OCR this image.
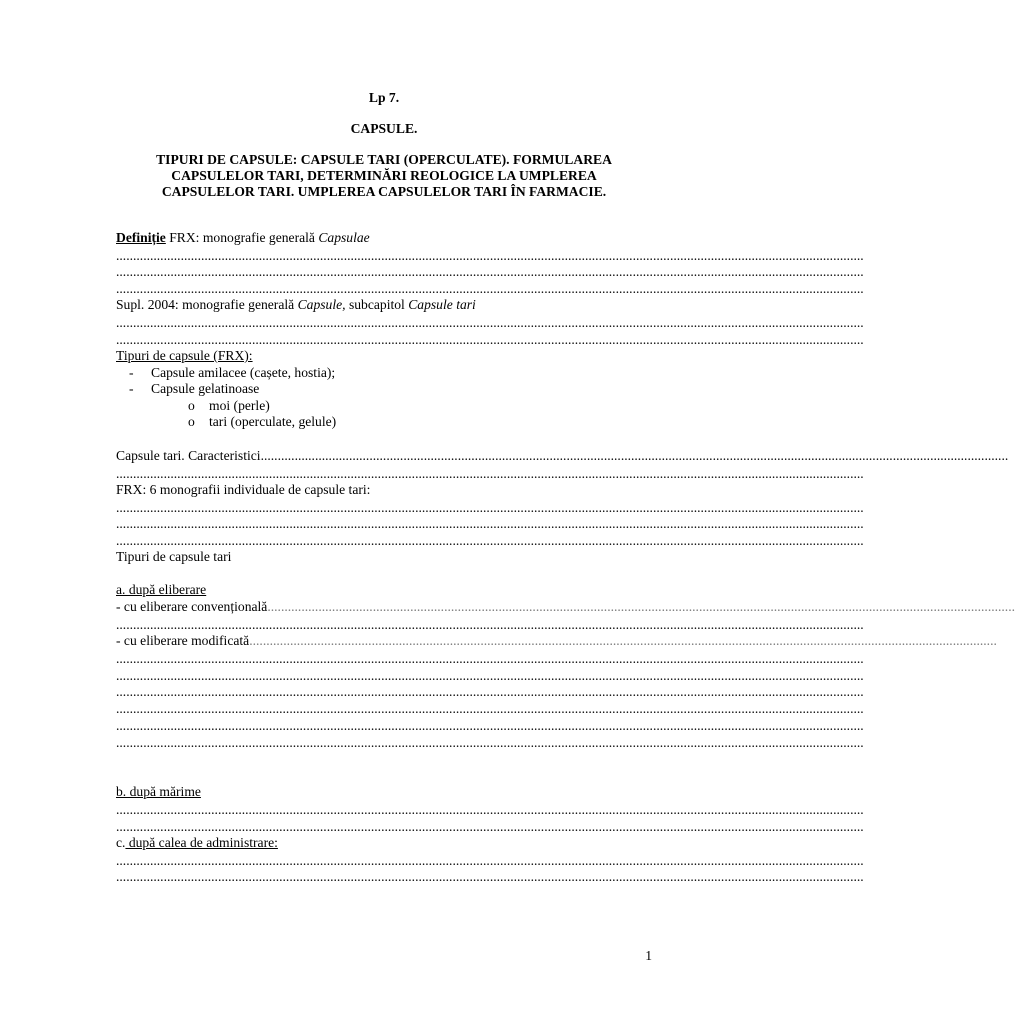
Lp 7.
CAPSULE.
TIPURI DE CAPSULE: CAPSULE TARI (OPERCULATE). FORMULAREA
CAPSULELOR TARI, DETERMINĂRI REOLOGICE LA UMPLEREA
CAPSULELOR TARI. UMPLEREA CAPSULELOR TARI ÎN FARMACIE.
Definiție FRX: monografie generală Capsulae
............................................................................................................................................................................................................................
............................................................................................................................................................................................................................
............................................................................................................................................................................................................................
Supl. 2004: monografie generală Capsule, subcapitol Capsule tari
............................................................................................................................................................................................................................
............................................................................................................................................................................................................................
Tipuri de capsule (FRX):
- Capsule amilacee (cașete, hostia);
- Capsule gelatinoase
o moi (perle)
o tari (operculate, gelule)
Capsule tari. Caracteristici............................................................................................................................................................................................................................
............................................................................................................................................................................................................................
FRX: 6 monografii individuale de capsule tari:
............................................................................................................................................................................................................................
............................................................................................................................................................................................................................
............................................................................................................................................................................................................................
Tipuri de capsule tari
a. după eliberare
- cu eliberare convențională............................................................................................................................................................................................................................
............................................................................................................................................................................................................................
- cu eliberare modificată............................................................................................................................................................................................................................
............................................................................................................................................................................................................................
............................................................................................................................................................................................................................
............................................................................................................................................................................................................................
............................................................................................................................................................................................................................
............................................................................................................................................................................................................................
............................................................................................................................................................................................................................
b. după mărime
............................................................................................................................................................................................................................
............................................................................................................................................................................................................................
c. după calea de administrare:
............................................................................................................................................................................................................................
............................................................................................................................................................................................................................
1
